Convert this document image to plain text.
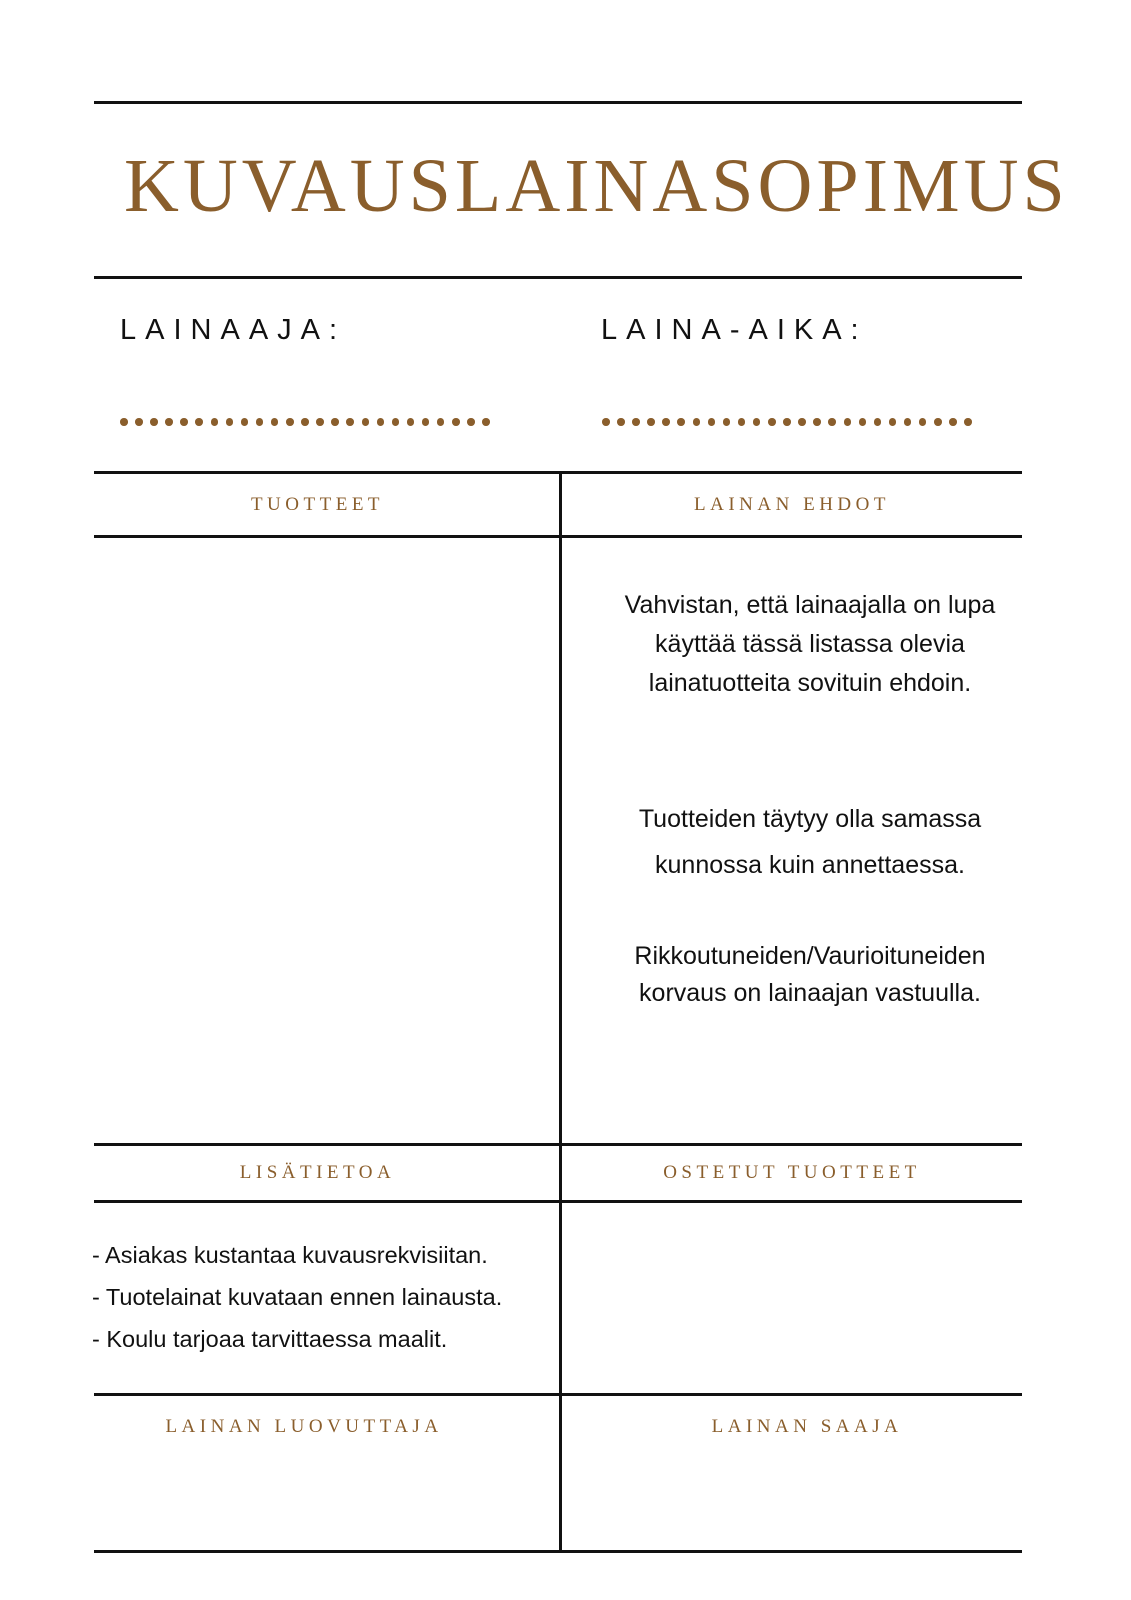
KUVAUSLAINASOPIMUS
LAINAAJA:	LAINA-AIKA:
TUOTTEET	LAINAN EHDOT

Vahvistan, että lainaajalla on lupa

käyttää tässä listassa olevia

lainatuotteita sovituin ehdoin.

Tuotteiden täytyy olla samassa

kunnossa kuin annettaessa.

Rikkoutuneiden/Vaurioituneiden

korvaus on lainaajan vastuulla.

LISÄTIETOA	OSTETUT TUOTTEET

- Asiakas kustantaa kuvausrekvisiitan.

- Tuotelainat kuvataan ennen lainausta.

- Koulu tarjoaa tarvittaessa maalit.

LAINAN LUOVUTTAJA	LAINAN SAAJA
